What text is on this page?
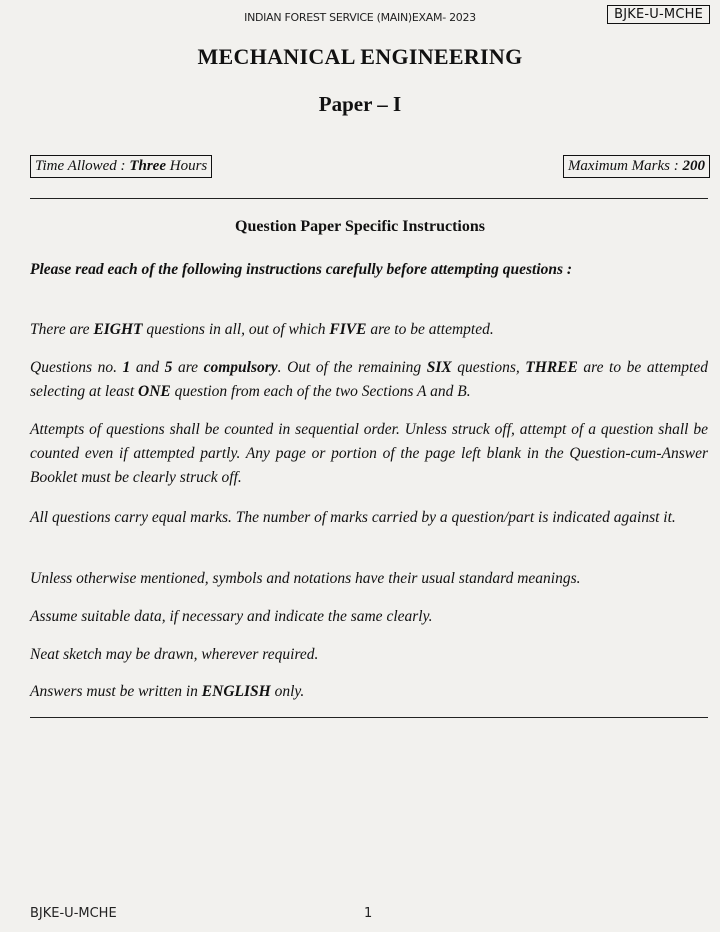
INDIAN FOREST SERVICE (MAIN)EXAM- 2023	BJKE-U-MCHE
MECHANICAL ENGINEERING
Paper – I
Time Allowed : Three Hours	Maximum Marks : 200
Question Paper Specific Instructions
Please read each of the following instructions carefully before attempting questions :
There are EIGHT questions in all, out of which FIVE are to be attempted.
Questions no. 1 and 5 are compulsory. Out of the remaining SIX questions, THREE are to be attempted selecting at least ONE question from each of the two Sections A and B.
Attempts of questions shall be counted in sequential order. Unless struck off, attempt of a question shall be counted even if attempted partly. Any page or portion of the page left blank in the Question-cum-Answer Booklet must be clearly struck off.
All questions carry equal marks. The number of marks carried by a question/part is indicated against it.
Unless otherwise mentioned, symbols and notations have their usual standard meanings.
Assume suitable data, if necessary and indicate the same clearly.
Neat sketch may be drawn, wherever required.
Answers must be written in ENGLISH only.
BJKE-U-MCHE	1
